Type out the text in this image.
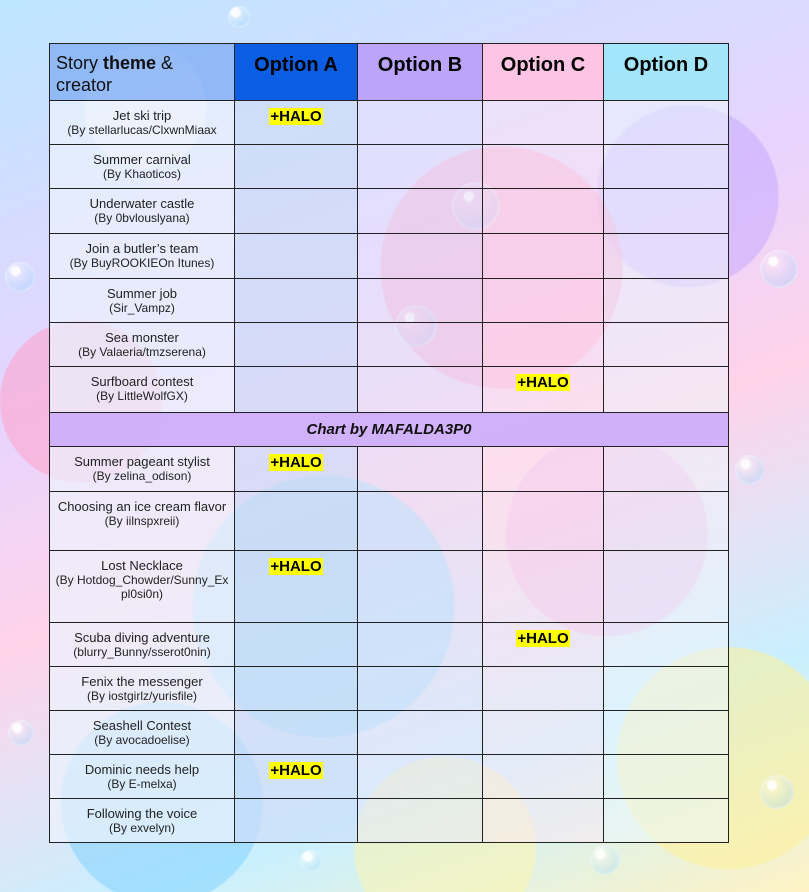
Story theme & creator	Option A	Option B	Option C	Option D

Jet ski trip
(By stellarlucas/ClxwnMiaax	+HALO			

Summer carnival
(By Khaoticos)				

Underwater castle
(By 0bvlouslyana)				

Join a butler’s team
(By BuyROOKIEOn Itunes)				

Summer job
(Sir_Vampz)				

Sea monster
(By Valaeria/tmzserena)				

Surfboard contest
(By LittleWolfGX)			+HALO	
Chart by MAFALDA3P0				

Summer pageant stylist
(By zelina_odison)	+HALO			

Choosing an ice cream flavor
(By iilnspxreii)				

Lost Necklace
(By Hotdog_Chowder/Sunny_Expl0si0n)	+HALO			

Scuba diving adventure
(blurry_Bunny/sserot0nin)			+HALO	

Fenix the messenger
(By iostgirlz/yurisfile)				

Seashell Contest
(By avocadoelise)				

Dominic needs help
(By E-melxa)	+HALO			

Following the voice
(By exvelyn)				
